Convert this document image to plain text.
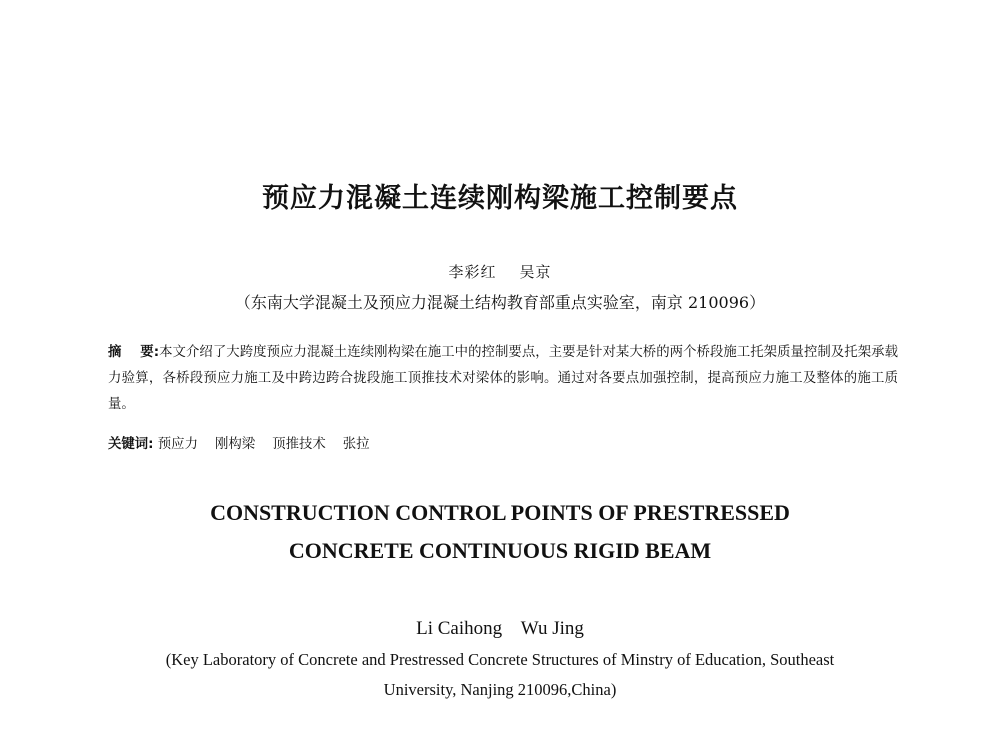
预应力混凝土连续刚构梁施工控制要点
李彩红    吴京
（东南大学混凝土及预应力混凝土结构教育部重点实验室，南京 210096）
摘    要:本文介绍了大跨度预应力混凝土连续刚构梁在施工中的控制要点，主要是针对某大桥的两个桥段施工托架质量控制及托架承载力验算，各桥段预应力施工及中跨边跨合拢段施工顶推技术对梁体的影响。通过对各要点加强控制，提高预应力施工及整体的施工质量。
关键词: 预应力 刚构梁 顶推技术 张拉
CONSTRUCTION CONTROL POINTS OF PRESTRESSED
CONCRETE CONTINUOUS RIGID BEAM
Li Caihong    Wu Jing
(Key Laboratory of Concrete and Prestressed Concrete Structures of Minstry of Education, Southeast
University, Nanjing 210096,China)
